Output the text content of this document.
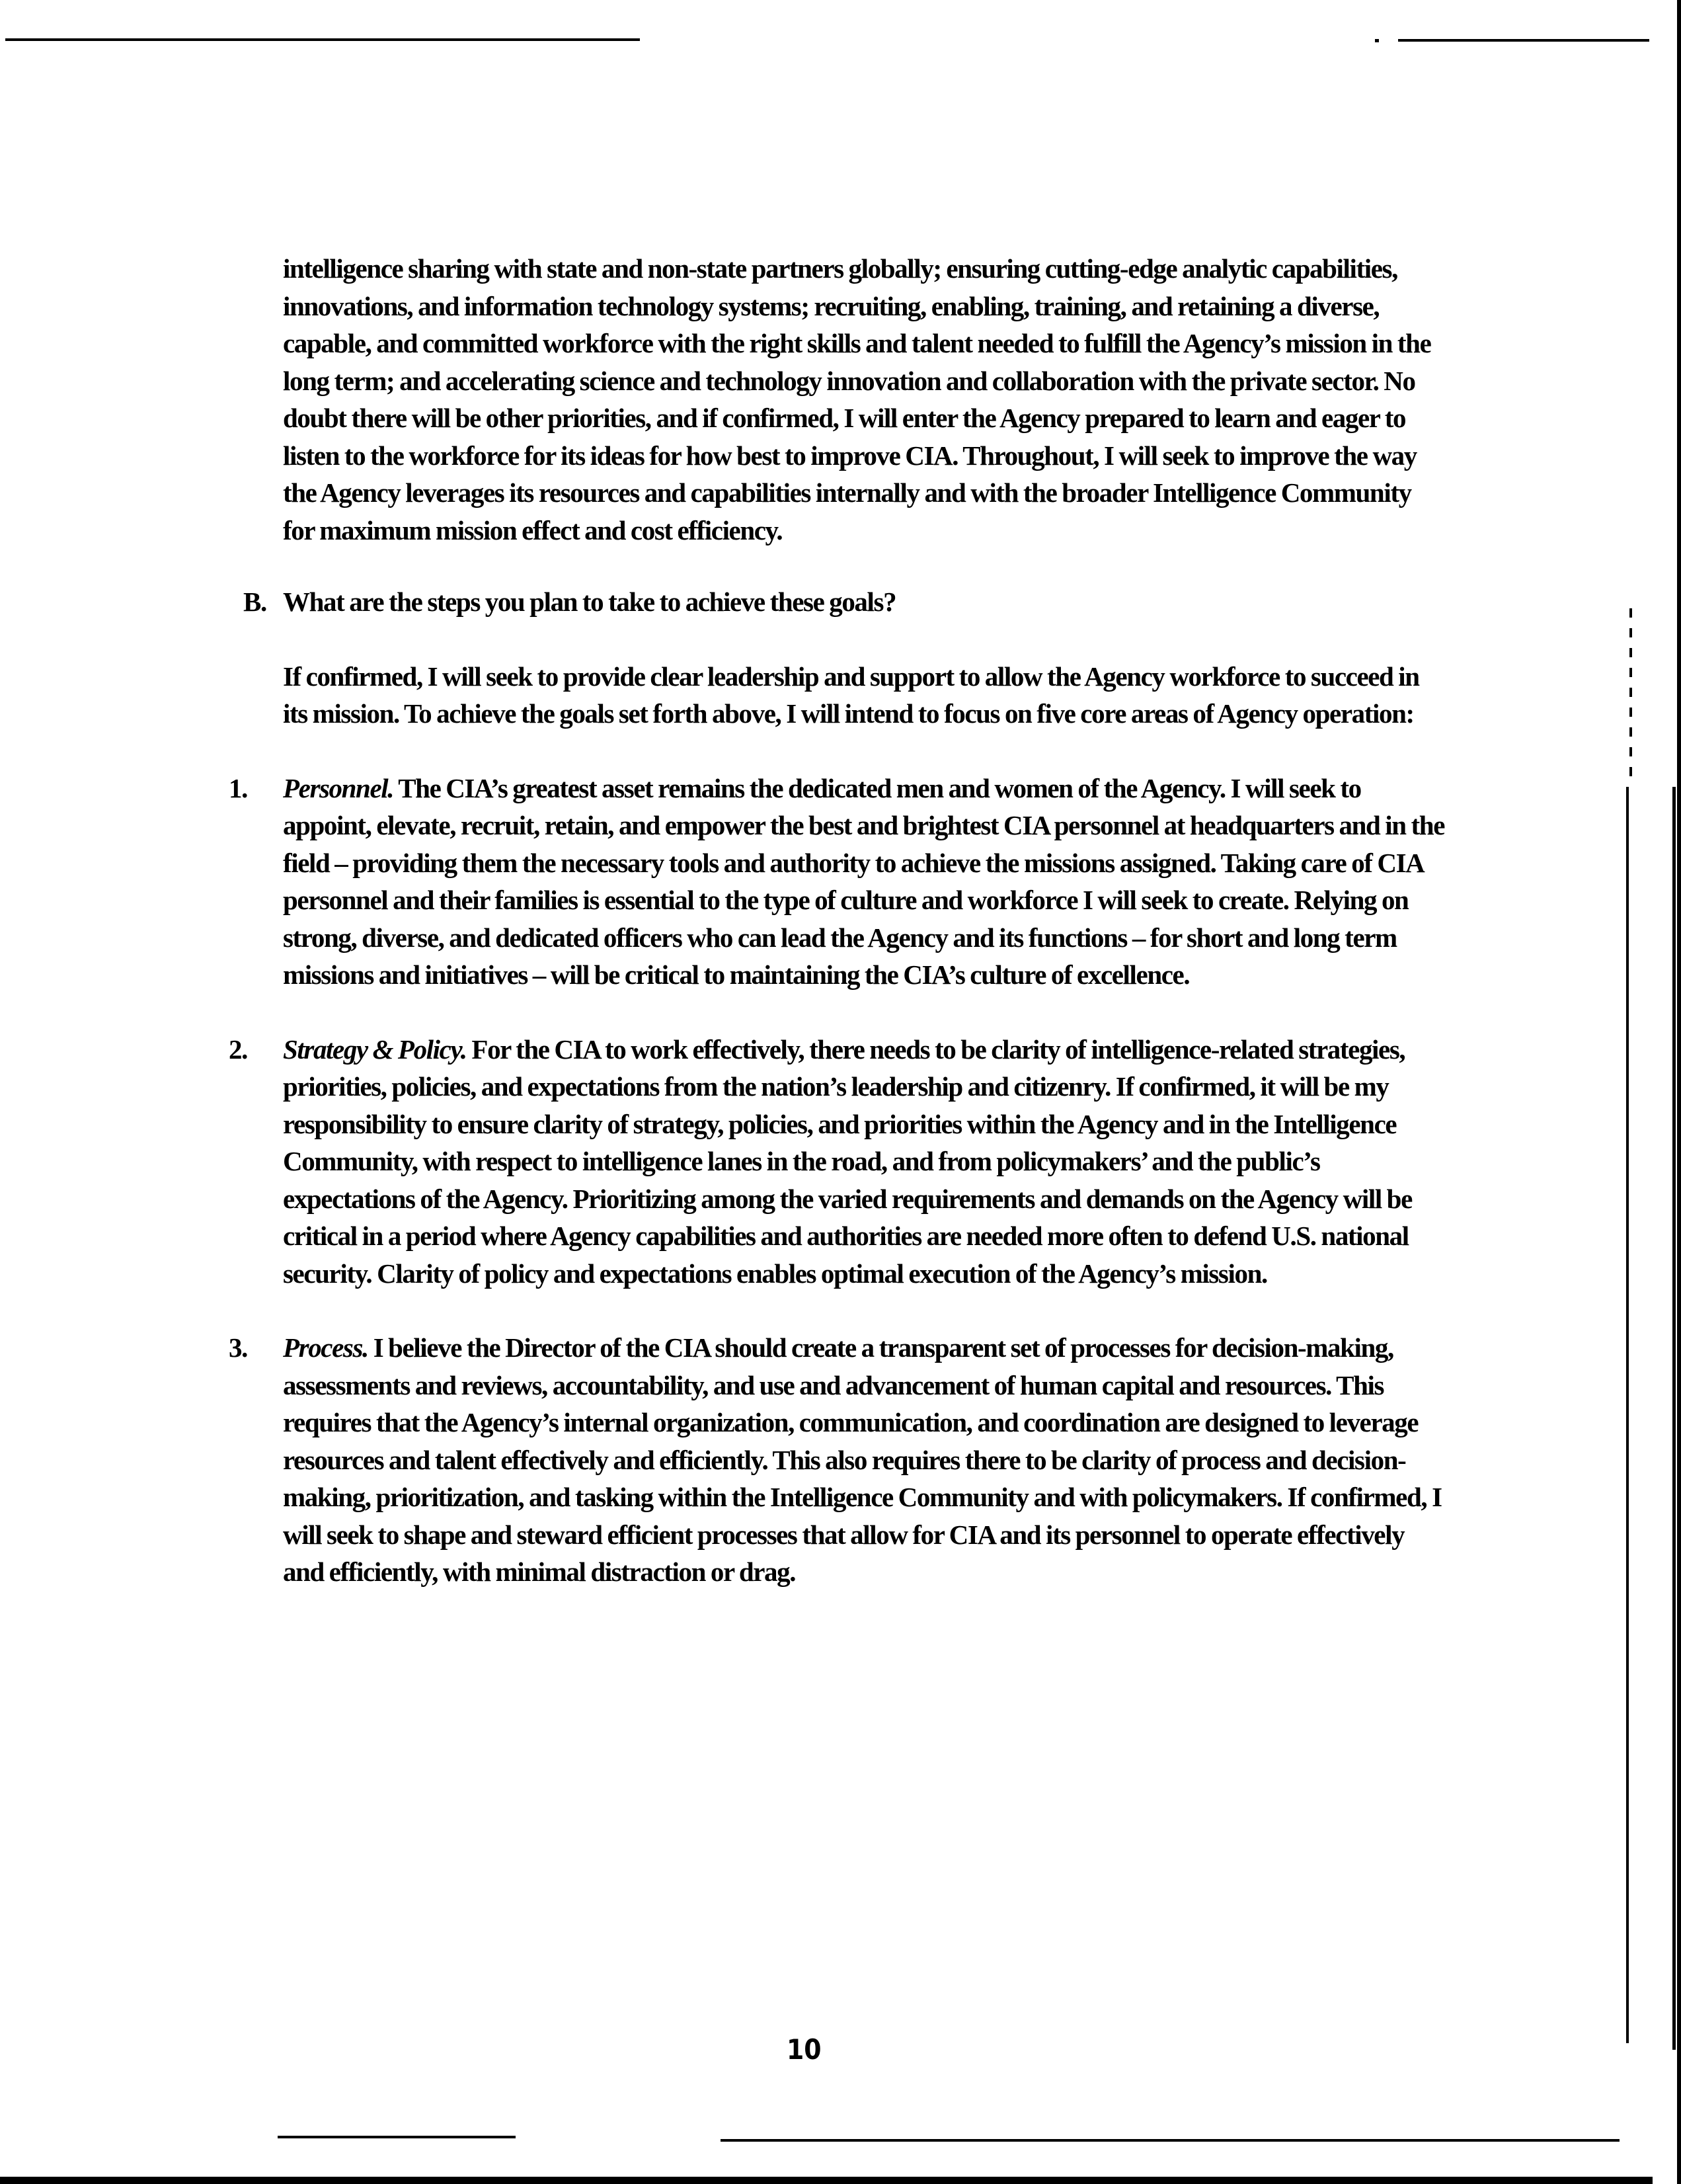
intelligence sharing with state and non-state partners globally; ensuring cutting-edge analytic capabilities, innovations, and information technology systems; recruiting, enabling, training, and retaining a diverse, capable, and committed workforce with the right skills and talent needed to fulfill the Agency’s mission in the long term; and accelerating science and technology innovation and collaboration with the private sector. No doubt there will be other priorities, and if confirmed, I will enter the Agency prepared to learn and eager to listen to the workforce for its ideas for how best to improve CIA. Throughout, I will seek to improve the way the Agency leverages its resources and capabilities internally and with the broader Intelligence Community for maximum mission effect and cost efficiency.

B. What are the steps you plan to take to achieve these goals?

If confirmed, I will seek to provide clear leadership and support to allow the Agency workforce to succeed in its mission. To achieve the goals set forth above, I will intend to focus on five core areas of Agency operation:

1. Personnel. The CIA’s greatest asset remains the dedicated men and women of the Agency. I will seek to appoint, elevate, recruit, retain, and empower the best and brightest CIA personnel at headquarters and in the field – providing them the necessary tools and authority to achieve the missions assigned. Taking care of CIA personnel and their families is essential to the type of culture and workforce I will seek to create. Relying on strong, diverse, and dedicated officers who can lead the Agency and its functions – for short and long term missions and initiatives – will be critical to maintaining the CIA’s culture of excellence.
2. Strategy & Policy. For the CIA to work effectively, there needs to be clarity of intelligence-related strategies, priorities, policies, and expectations from the nation’s leadership and citizenry. If confirmed, it will be my responsibility to ensure clarity of strategy, policies, and priorities within the Agency and in the Intelligence Community, with respect to intelligence lanes in the road, and from policymakers’ and the public’s expectations of the Agency. Prioritizing among the varied requirements and demands on the Agency will be critical in a period where Agency capabilities and authorities are needed more often to defend U.S. national security. Clarity of policy and expectations enables optimal execution of the Agency’s mission.
3. Process. I believe the Director of the CIA should create a transparent set of processes for decision-making, assessments and reviews, accountability, and use and advancement of human capital and resources. This requires that the Agency’s internal organization, communication, and coordination are designed to leverage resources and talent effectively and efficiently. This also requires there to be clarity of process and decision-making, prioritization, and tasking within the Intelligence Community and with policymakers. If confirmed, I will seek to shape and steward efficient processes that allow for CIA and its personnel to operate effectively and efficiently, with minimal distraction or drag.
10
